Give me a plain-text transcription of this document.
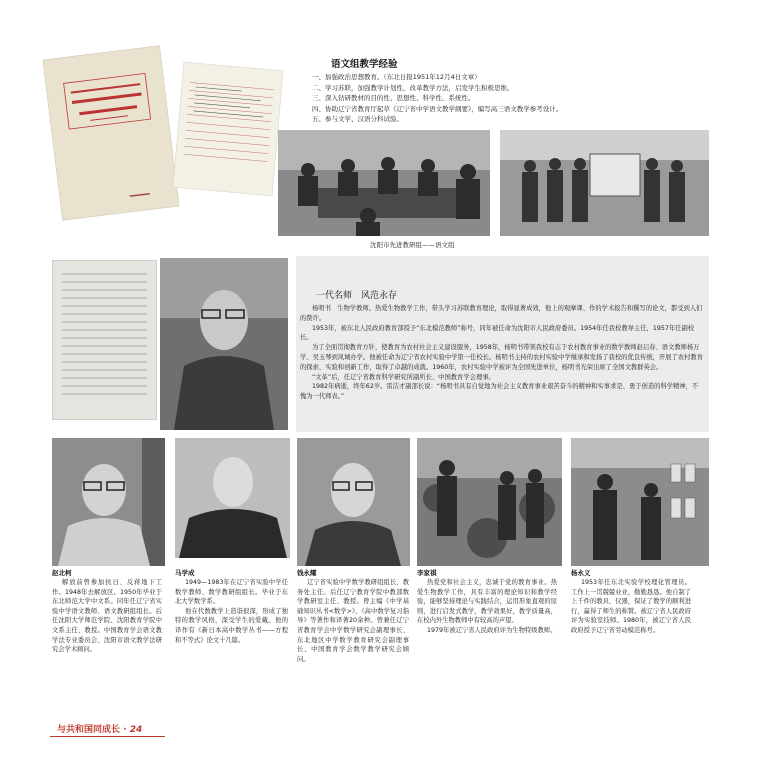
语文组教学经验
一、加强政治思想教育。（东北日报1951年12月4日文章）
二、学习苏联，加强教学计划性，改革教学方法，启发学生积极思维。
三、深入钻研教材的目的性、思想性、科学性、系统性。
四、协助辽宁省教育厅起草《辽宁省中学语文教学纲要》，编写高三语文教学参考设计。
五、参与文学、汉语分科试验。
沈阳市先进教研组——语文组
一代名师　风范永存

杨明书　生物学教师。热爱生物教学工作，带头学习苏联教育理论，取得显著成效，他上的观摩课、作的学术报告和撰写的论文，都受到人们的赞许。

1953年，被东北人民政府教育部授予“东北模范教师”称号，同年被任命为沈阳市人民政府委员。1954年任我校教导主任，1957年任副校长。

为了全面贯彻教育方针，使教育为农村社会主义建设服务，1958年，杨明书带领我校有志于农村教育事业的数学教师赵启春、语文教师杨万学、吴玉琴到凤城办学。他被任命为辽宁省农村实验中学第一任校长。杨明书主持的农村实验中学继承和发扬了我校的优良传统，开展了农村教育的探索、实验和创新工作，取得了卓越的成就。1960年，农村实验中学被评为全国先进单位，杨明书光荣出席了全国文教群英会。

“文革”后，任辽宁省教育科学研究所副所长、中国教育学会理事。

1982年病逝，终年62岁。雷洁才副部长说：“杨明书具有自觉地为社会主义教育事业艰苦奋斗的精神和实事求是、勇于创造的科学精神，不愧为一代师表。”

赵北柯

解放前曾参加抗日、反蒋地下工作。1948年去解放区。1950年毕业于东北师范大学中文系。同年任辽宁省实验中学语文教师、语文教研组组长。后任沈阳大学师范学院、沈阳教育学院中文系主任、教授。中国教育学会语文教学法专业委员会、沈阳市语文教学法研究会学术顾问。

马学成

1949—1983年在辽宁省实验中学任数学教师、数学教研组组长。毕业于东北大学数学系。

他在代数教学上造诣很深，形成了独特的教学风格，深受学生的爱戴。他的译作有《新日本高中数学丛书——方程和不等式》论文十几篇。

钱永耀

辽宁省实验中学数学教研组组长、教务处主任。后任辽宁教育学院中教部数学教研室主任、教授。曾主编《中学基础知识丛书<数学>》、《高中数学复习指导》等著作和译著20余种。曾兼任辽宁省教育学会中学数学研究会副理事长、东北地区中学数学教育研究会副理事长、中国教育学会数学教学研究会顾问。

李家祺

热爱党和社会主义，忠诚于党的教育事业。热爱生物教学工作，具有丰富的理论知识和教学经验，能够坚持理论与实践结合，运用形象直观的原则，进行启发式教学，教学效果好，教学质量高，在校内外生物教师中有较高的声望。

1979年被辽宁省人民政府评为生物特级教师。

杨永义

1953年任东北实验学校理化管理员。工作上一贯兢兢业业，勤勤恳恳。他自制了上千件的教具、仪器，保证了教学的顺利进行，赢得了师生的称赞。被辽宁省人民政府评为实验室技师。1980年，被辽宁省人民政府授予辽宁省劳动模范称号。

与共和国同成长 · 24
